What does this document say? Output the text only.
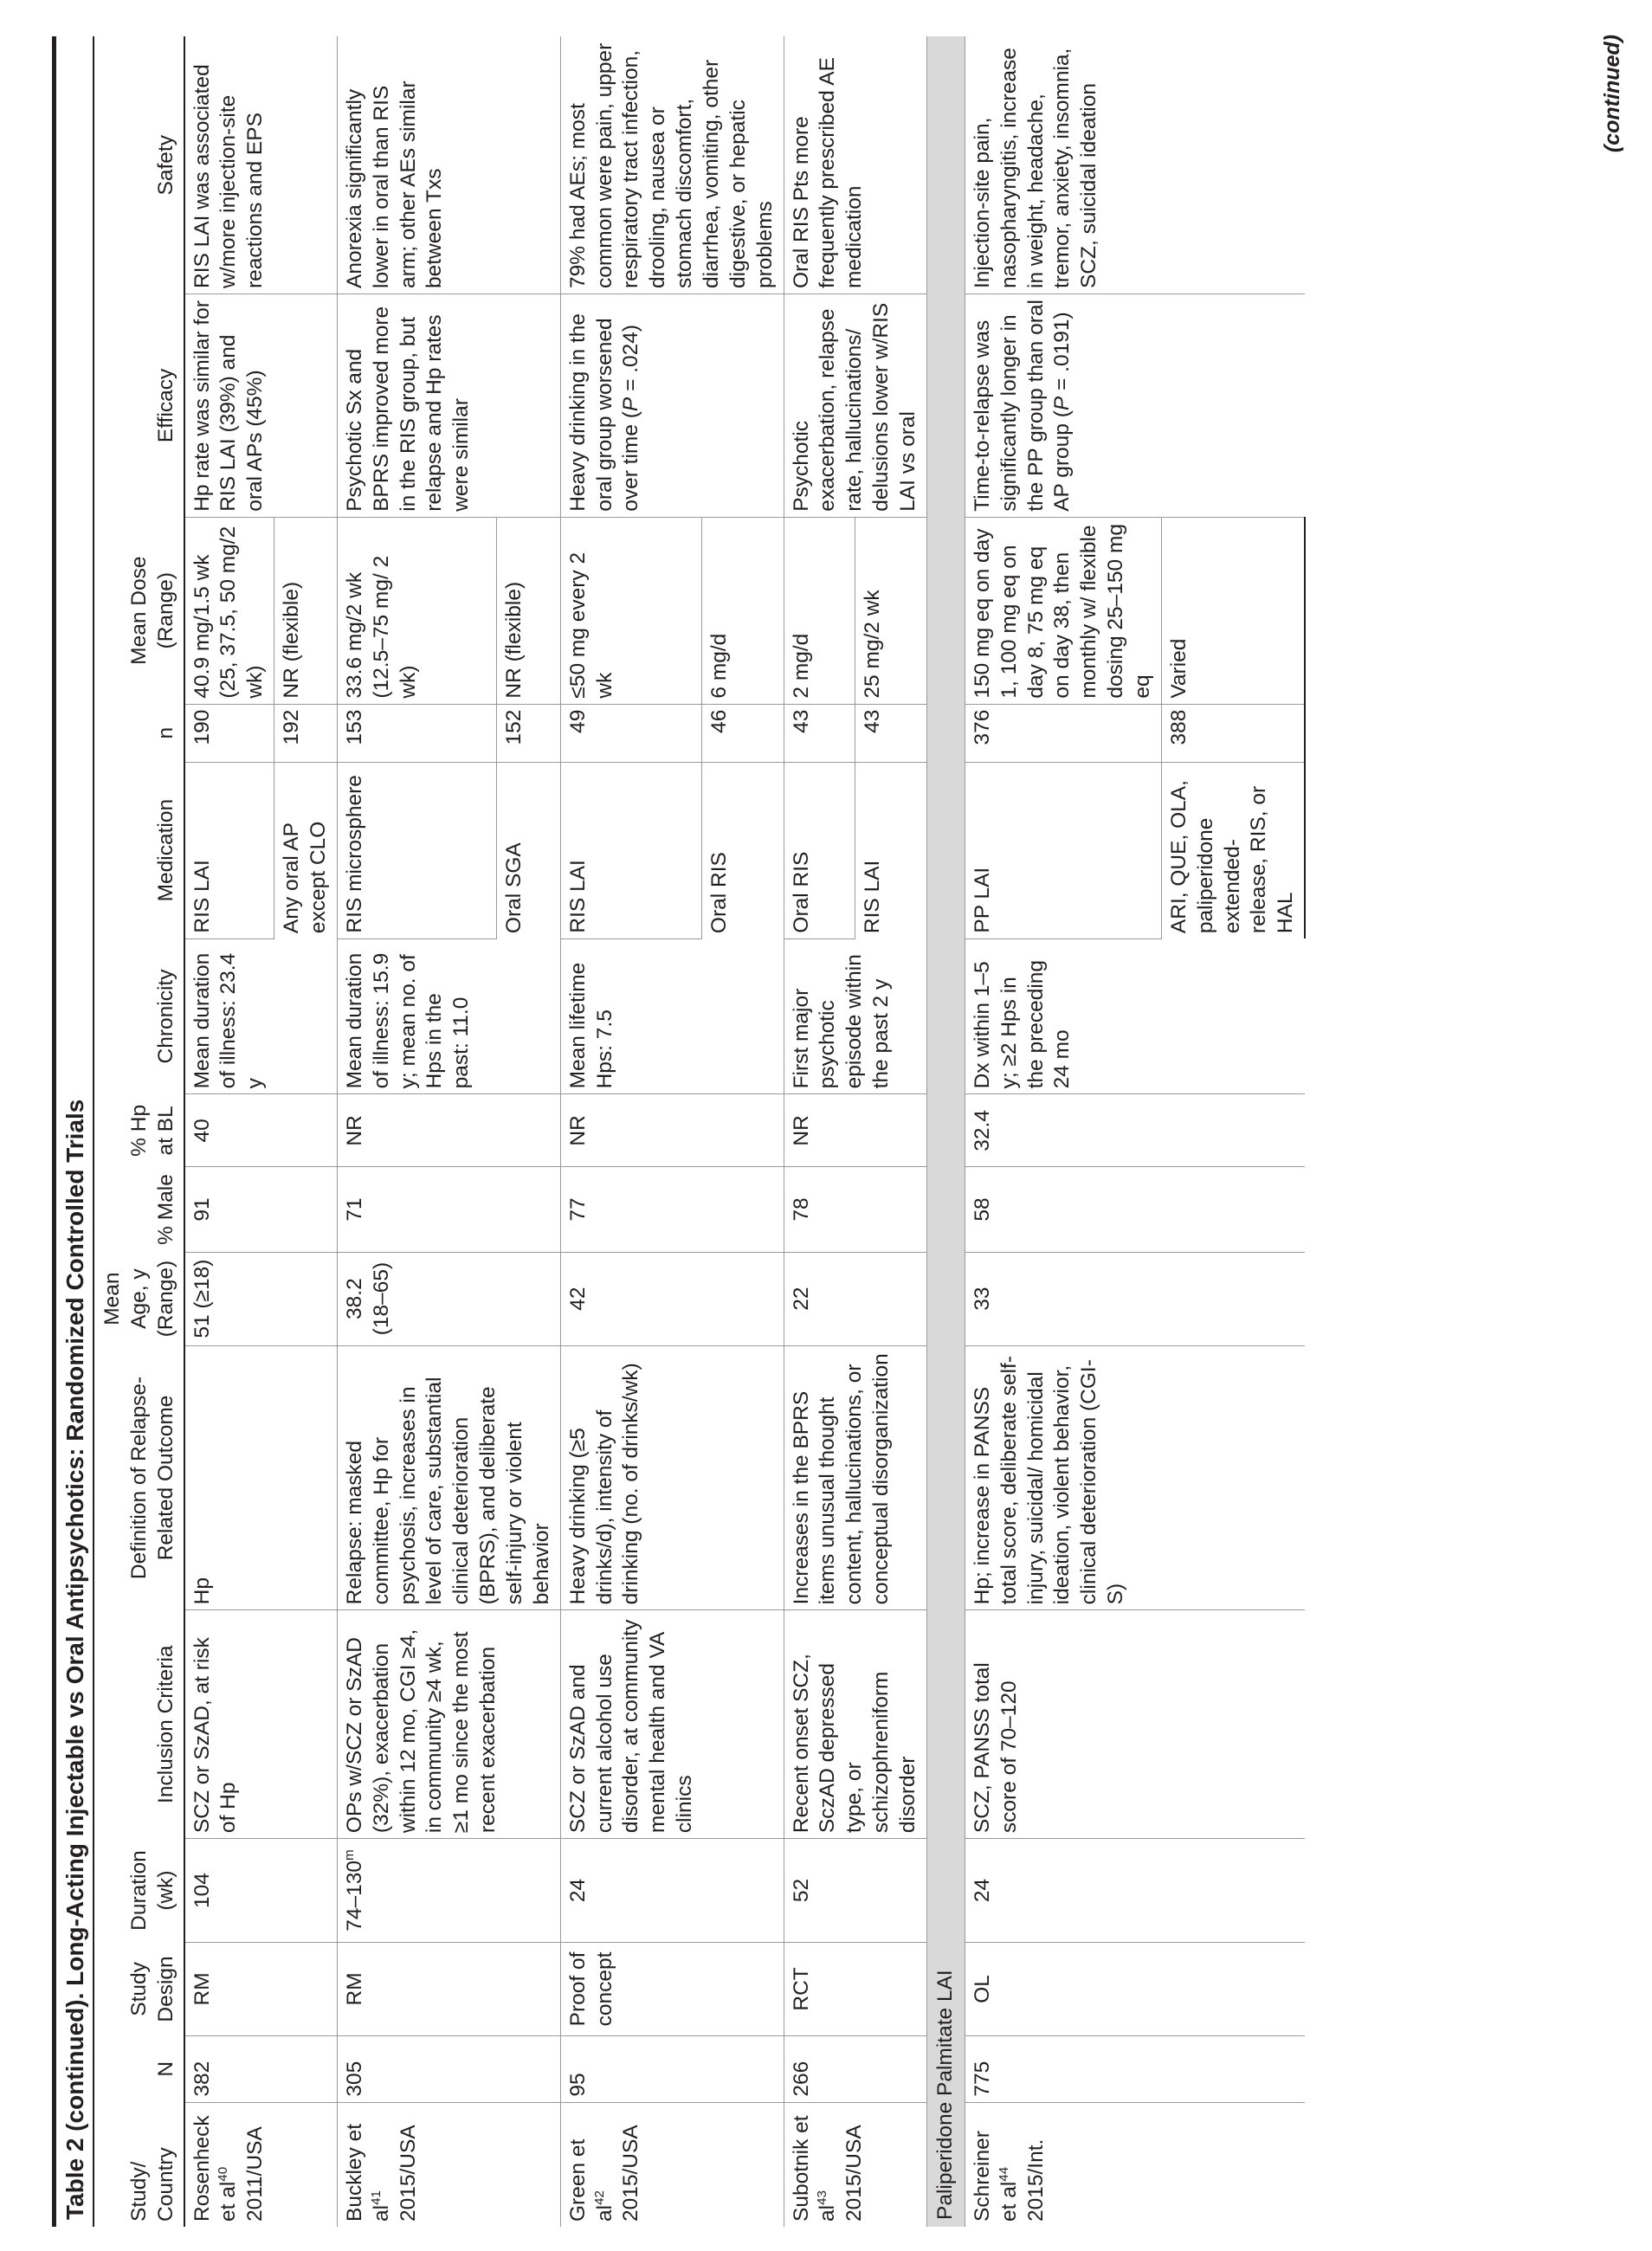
Table 2 (continued). Long-Acting Injectable vs Oral Antipsychotics: Randomized Controlled Trials Study/ Country	N	Study Design	Duration (wk)	Inclusion Criteria	Definition of Relapse-Related Outcome	Mean Age, y (Range)	% Male	% Hp at BL	Chronicity	Medication	n	Mean Dose (Range)	Efficacy	Safety
Rosenheck et $al^{40}$ 2011/USA	382	RM	104	SCZ or SzAD, at risk of Hp	Hp	51 (≥18)	91	40	Mean duration of illness: 23.4 y	RIS LAI	190	40.9 mg/1.5 wk (25, 37.5, 50 mg/2 wk)	Hp rate was similar for RIS LAI (39%) and oral APs (45%)	RIS LAI was associated w/more injection-site reactions and EPS
										Any oral AP except CLO	192	NR (flexible)		
Buckley et $al^{41}$ 2015/USA	305	RM	74–130$^m$	OPs w/SCZ or SzAD (32%), exacerbation within 12 mo, CGI ≥4, in community ≥4 wk, ≥1 mo since the most recent exacerbation	Relapse: masked committee, Hp for psychosis, increases in level of care, substantial clinical deterioration (BPRS), and deliberate self-injury or violent behavior	38.2 (18–65)	71	NR	Mean duration of illness: 15.9 y; mean no. of Hps in the past: 11.0	RIS microsphere	153	33.6 mg/2 wk (12.5–75 mg/ 2 wk)	Psychotic Sx and BPRS improved more in the RIS group, but relapse and Hp rates were similar	Anorexia significantly lower in oral than RIS arm; other AEs similar between Txs
										Oral SGA	152	NR (flexible)		
Green et $al^{42}$ 2015/USA	95	Proof of concept	24	SCZ or SzAD and current alcohol use disorder, at community mental health and VA clinics	Heavy drinking (≥5 drinks/d), intensity of drinking (no. of drinks/wk)	42	77	NR	Mean lifetime Hps: 7.5	RIS LAI	49	≤50 mg every 2 wk	Heavy drinking in the oral group worsened over time (P = .024)	79% had AEs; most common were pain, upper respiratory tract infection, drooling, nausea or stomach discomfort, diarrhea, vomiting, other digestive, or hepatic problems
										Oral RIS	46	6 mg/d		
Subotnik et $al^{43}$ 2015/USA	266	RCT	52	Recent onset SCZ, SczAD depressed type, or schizophreniform disorder	Increases in the BPRS items unusual thought content, hallucinations, or conceptual disorganization	22	78	NR	First major psychotic episode within the past 2 y	Oral RIS	43	2 mg/d	Psychotic exacerbation, relapse rate, hallucinations/ delusions lower w/RIS LAI vs oral	Oral RIS Pts more frequently prescribed AE medication
										RIS LAI	43	25 mg/2 wk		
Paliperidone Palmitate LAI														
Schreiner et $al^{44}$ 2015/Int.	775	OL	24	SCZ, PANSS total score of 70–120	Hp; increase in PANSS total score, deliberate self-injury, suicidal/ homicidal ideation, violent behavior, clinical deterioration (CGI-S)	33	58	32.4	Dx within 1–5 y; ≥2 Hps in the preceding 24 mo	PP LAI	376	150 mg eq on day 1, 100 mg eq on day 8, 75 mg eq on day 38, then monthly w/ flexible dosing 25–150 mg eq	Time-to-relapse was significantly longer in the PP group than oral AP group (P = .0191)	Injection-site pain, nasopharyngitis, increase in weight, headache, tremor, anxiety, insomnia, SCZ, suicidal ideation
										ARI, QUE, OLA, paliperidone extended-release, RIS, or HAL	388	Varied		
(continued)
